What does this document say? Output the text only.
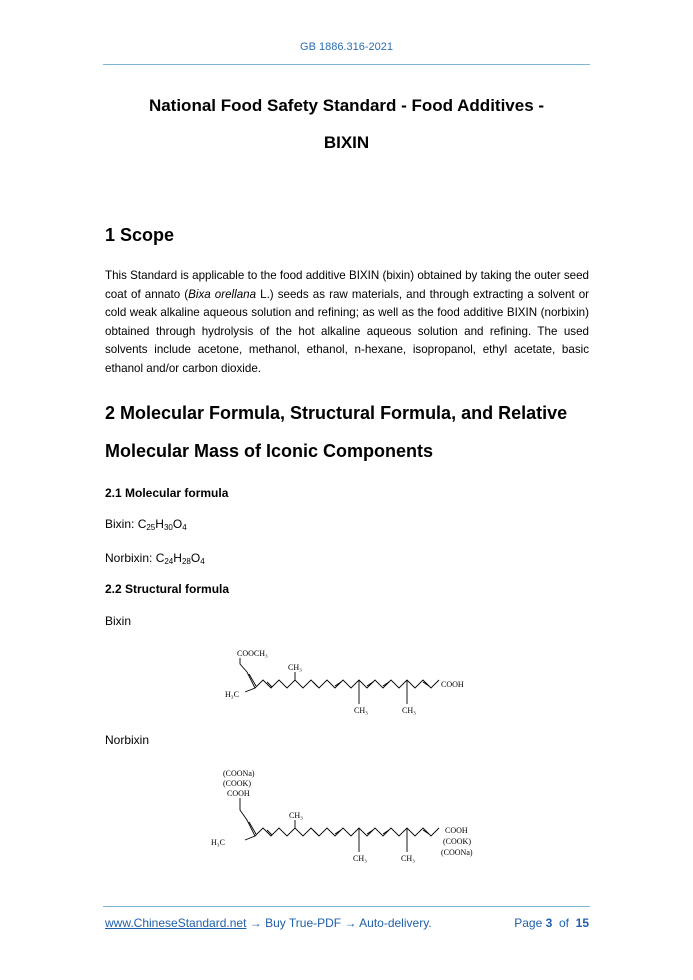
GB 1886.316-2021
National Food Safety Standard - Food Additives -
BIXIN
1 Scope
This Standard is applicable to the food additive BIXIN (bixin) obtained by taking the outer seed coat of annato (Bixa orellana L.) seeds as raw materials, and through extracting a solvent or cold weak alkaline aqueous solution and refining; as well as the food additive BIXIN (norbixin) obtained through hydrolysis of the hot alkaline aqueous solution and refining. The used solvents include acetone, methanol, ethanol, n-hexane, isopropanol, ethyl acetate, basic ethanol and/or carbon dioxide.
2 Molecular Formula, Structural Formula, and Relative
Molecular Mass of Iconic Components
2.1 Molecular formula
Bixin: $C_{25}H_{30}O_4$
Norbixin: $C_{24}H_{28}O_4$
2.2 Structural formula
Bixin
COOCH₃
CH₃
H₃C
COOH
CH₃	CH₃
Norbixin
(COONa)
(COOK)
COOH
CH₃
H₃C
COOH
(COOK)
(COONa)
CH₃	CH₃
www.ChineseStandard.net → Buy True-PDF → Auto-delivery.	Page 3 of 15
